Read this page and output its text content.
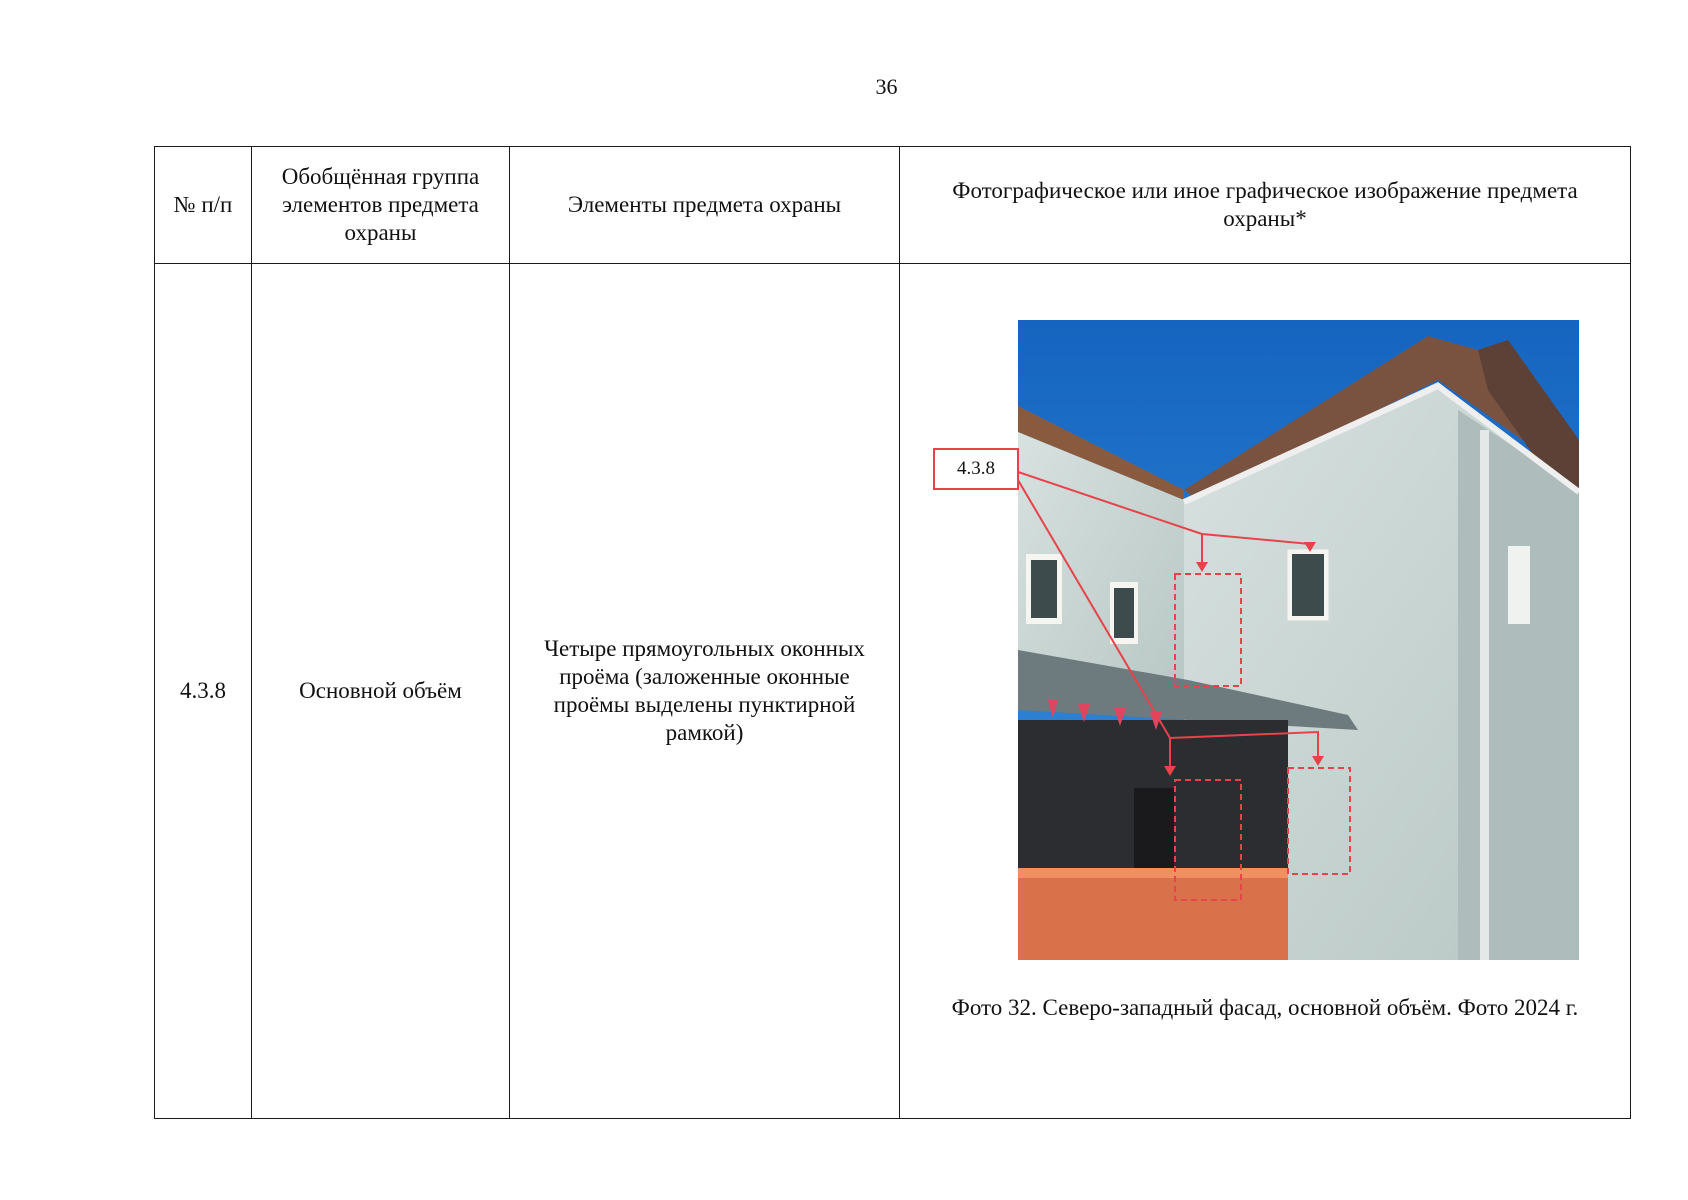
36
№ п/п	Обобщённая группа элементов предмета охраны	Элементы предмета охраны	Фотографическое или иное графическое изображение предмета охраны*
4.3.8	Основной объём	Четыре прямоугольных оконных проёма (заложенные оконные проёмы выделены пунктирной рамкой)	4.3.8
Фото 32. Северо-западный фасад, основной объём. Фото 2024 г.
